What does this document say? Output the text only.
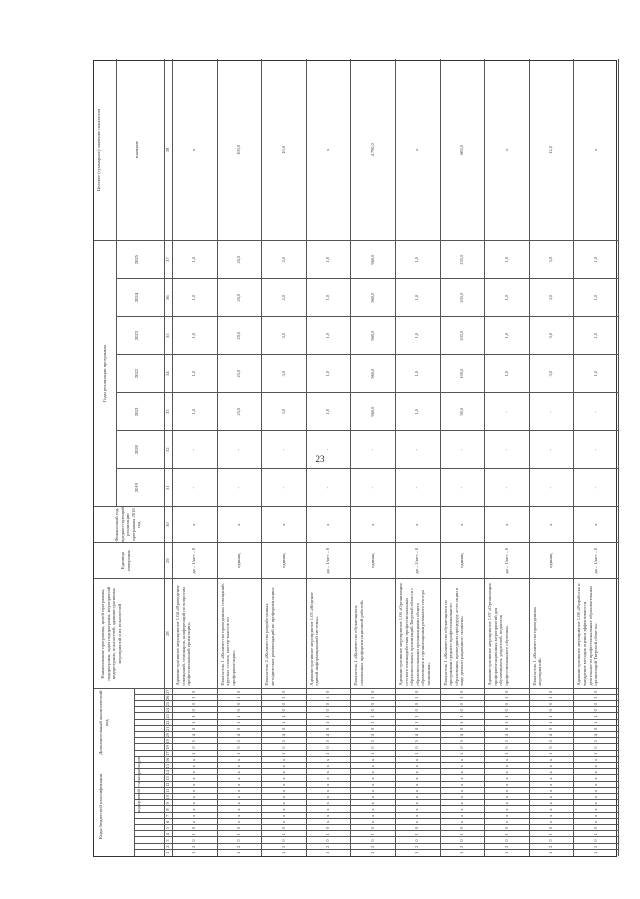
23
Коды бюджетной классификации
Дополнительный аналитический код
Наименование программы, целей программы, подпрограмм, задач подпрограмм, мероприятий подпрограмм, показателей, административных мероприятий и их показателей
Единица измерения
Финансовый год, предшествующий реализации программы 2018 год
Годы реализации программы
Целевое (суммарное) значение показателя	значение
код целевой статьи расходов
2019
2020
2021
2022
2023
2024
2025
1
2
3
4
5
6
7
8
9
10
11
12
13
14
15
16
17
18
19
20
21
22
23
24
25
26
27
28
29
30
31
32
33
34
35
36
37
38
1
2
0
1
0
x
x
x
x
x
x
x
x
x
x
x
1
0
5
4
0
1
1
0
0
1
0
Административное мероприятие 1.04 «Проведение совещаний, семинаров, конференций по вопросам профессиональной ориентации»
да – 1/нет – 0
x
-
-
1,0
1,0
1,0
1,0
1,0
x
1
2
0
1
0
x
x
x
x
x
x
x
x
x
x
x
1
0
5
4
0
1
1
0
0
1
0
Показатель 1 «Количество проведенных совещаний, круглых столов, мастер-классов по профориентации»
единиц
x
-
-
25,0
25,0
20,0
20,0
20,0
100,0
1
2
0
1
0
x
x
x
x
x
x
x
x
x
x
x
1
0
5
4
0
1
1
0
0
1
0
Показатель 2 «Количество разработанных методических рекомендаций по профориентации»
единиц
x
-
-
3,0
3,0
3,0
2,0
2,0
10,0
1
2
0
1
0
x
x
x
x
x
x
x
x
x
x
x
1
0
5
4
0
1
1
0
0
1
0
Административное мероприятие 1.05 «Ведение единой информационной системы»
да – 1/нет – 0
x
-
-
1,0
1,0
1,0
1,0
1,0
x
1
2
0
1
0
x
x
x
x
x
x
x
x
x
x
x
1
0
5
4
0
1
1
0
0
1
0
Показатель 1 «Количество обучающихся, охваченных профориентационной работой»
единиц
x
-
-
960,0
960,0
960,0
960,0
960,0
4 790,0
1
2
0
1
0
x
x
x
x
x
x
x
x
x
x
x
1
0
5
4
0
1
1
0
0
1
0
Административное мероприятие 1.06 «Организация сетевого взаимодействия профессиональных образовательных организаций Тверской области с образовательными организациями общего образования и организациями реального сектора экономики»
да – 1/нет – 0
x
-
-
1,0
1,0
1,0
1,0
1,0
x
1
2
0
1
0
x
x
x
x
x
x
x
x
x
x
x
1
0
5
4
0
1
1
0
0
1
0
Показатель 1 «Количество обучающихся по программам среднего профессионального образования, прошедших процедуру аттестации в виде демонстрационного экзамена»
единиц
x
-
-
90,0
100,0
205,0
205,0
235,0
682,0
1
2
0
1
0
x
x
x
x
x
x
x
x
x
x
x
1
0
5
4
0
1
1
0
0
1
0
Административное мероприятие 1.07 «Организация профориентационных мероприятий для обучающихся, родителей, педагогов профессионального обучения»
да – 1/нет – 0
x
-
-
-
1,0
1,0
1,0
1,0
x
1
2
0
1
0
x
x
x
x
x
x
x
x
x
x
x
1
0
5
4
0
1
1
0
0
1
0
Показатель 1 «Количество проведенных мероприятий»
единиц
x
-
-
-
3,0
3,0
3,0
3,0
12,0
1
2
0
1
0
x
x
x
x
x
x
x
x
x
x
x
1
0
5
4
0
1
1
0
0
1
0
Административное мероприятие 1.08 «Разработка и внедрение методик оценки эффективности деятельности профессиональных образовательных организаций Тверской области»
да – 1/нет – 0
x
-
-
-
1,0
1,0
1,0
1,0
x
